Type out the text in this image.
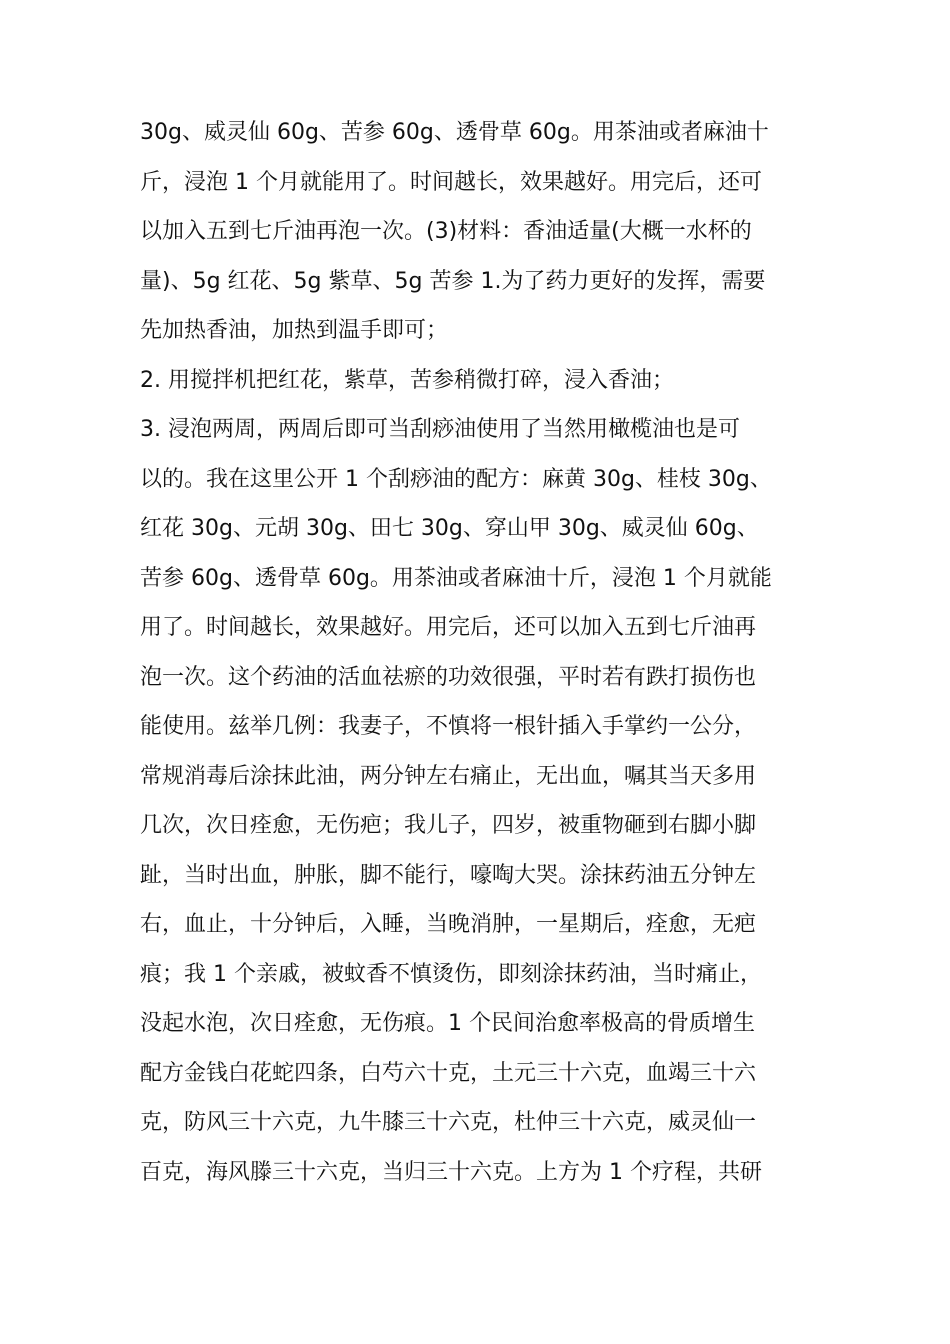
30g、威灵仙 60g、苦参 60g、透骨草 60g。用茶油或者麻油十
斤，浸泡 1 个月就能用了。时间越长，效果越好。用完后，还可
以加入五到七斤油再泡一次。(3)材料：香油适量(大概一水杯的
量)、5g 红花、5g 紫草、5g 苦参 1.为了药力更好的发挥，需要
先加热香油，加热到温手即可；
2. 用搅拌机把红花，紫草，苦参稍微打碎，浸入香油；
3. 浸泡两周，两周后即可当刮痧油使用了当然用橄榄油也是可
以的。我在这里公开 1 个刮痧油的配方：麻黄 30g、桂枝 30g、
红花 30g、元胡 30g、田七 30g、穿山甲 30g、威灵仙 60g、
苦参 60g、透骨草 60g。用茶油或者麻油十斤，浸泡 1 个月就能
用了。时间越长，效果越好。用完后，还可以加入五到七斤油再
泡一次。这个药油的活血祛瘀的功效很强，平时若有跌打损伤也
能使用。兹举几例：我妻子，不慎将一根针插入手掌约一公分，
常规消毒后涂抹此油，两分钟左右痛止，无出血，嘱其当天多用
几次，次日痊愈，无伤疤；我儿子，四岁，被重物砸到右脚小脚
趾，当时出血，肿胀，脚不能行，嚎啕大哭。涂抹药油五分钟左
右，血止，十分钟后，入睡，当晚消肿，一星期后，痊愈，无疤
痕；我 1 个亲戚，被蚊香不慎烫伤，即刻涂抹药油，当时痛止，
没起水泡，次日痊愈，无伤痕。1 个民间治愈率极高的骨质增生
配方金钱白花蛇四条，白芍六十克，土元三十六克，血竭三十六
克，防风三十六克，九牛膝三十六克，杜仲三十六克，威灵仙一
百克，海风滕三十六克，当归三十六克。上方为 1 个疗程，共研
